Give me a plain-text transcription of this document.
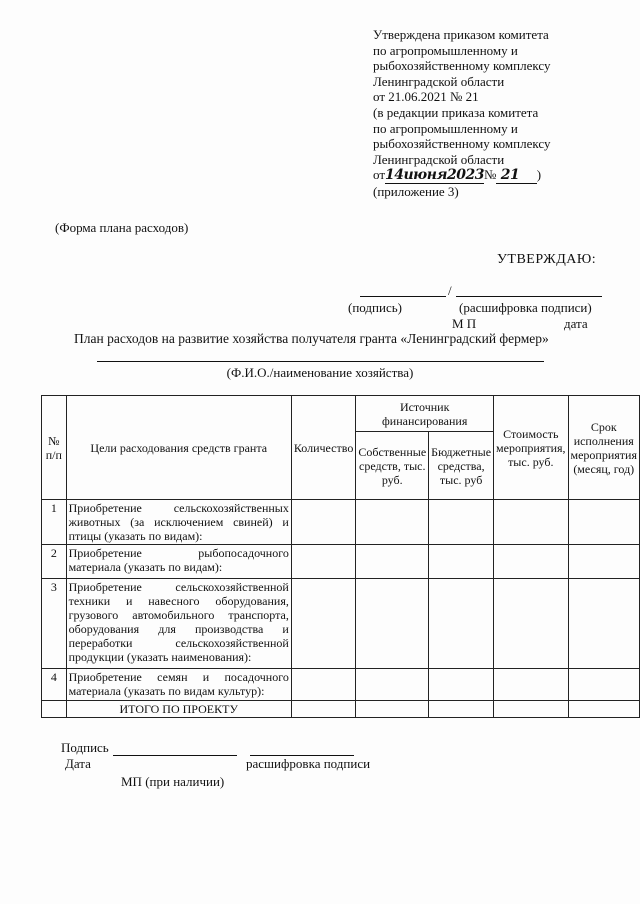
Утверждена приказом комитета
по агропромышленному и
рыбохозяйственному комплексу
Ленинградской области
от 21.06.2021 № 21
(в редакции приказа комитета
по агропромышленному и
рыбохозяйственному комплексу
Ленинградской области
от14июня2023№ 21 )
(приложение 3)
(Форма плана расходов)
УТВЕРЖДАЮ:
/
(подпись)	(расшифровка подписи)
М П	дата
План расходов на развитие хозяйства получателя гранта «Ленинградский фермер»
(Ф.И.О./наименование хозяйства)
№ п/п	Цели расходования средств гранта	Количество	Источник финансирования		Стоимость мероприятия, тыс. руб.	Срок исполнения мероприятия (месяц, год)
			Собственные средств, тыс. руб.	Бюджетные средства, тыс. руб		
1	Приобретение сельскохозяйственных животных (за исключением свиней) и птицы (указать по видам):					
2	Приобретение рыбопосадочного материала (указать по видам):					
3	Приобретение сельскохозяйственной техники и навесного оборудования, грузового автомобильного транспорта, оборудования для производства и переработки сельскохозяйственной продукции (указать наименования):					
4	Приобретение семян и посадочного материала (указать по видам культур):					
	ИТОГО ПО ПРОЕКТУ					
Подпись
Дата	расшифровка подписи
МП (при наличии)
